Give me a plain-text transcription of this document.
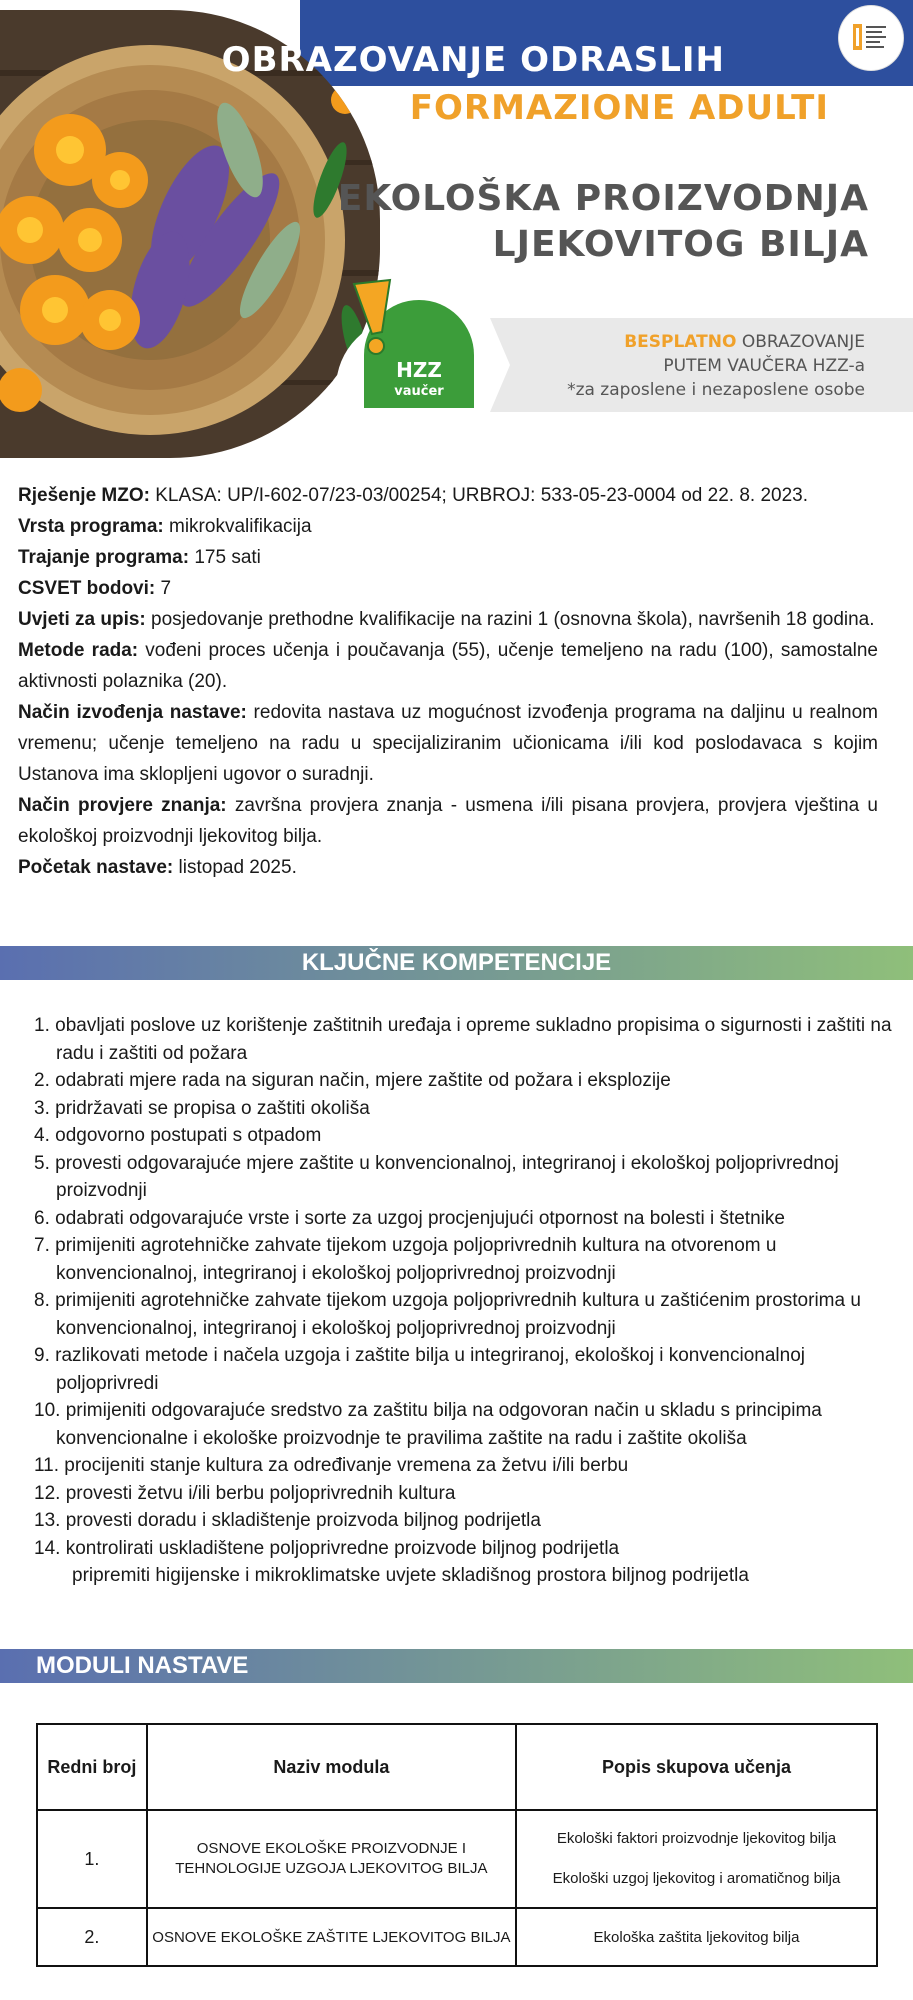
OBRAZOVANJE ODRASLIH
FORMAZIONE ADULTI
EKOLOŠKA PROIZVODNJA
LJEKOVITOG BILJA
BESPLATNO OBRAZOVANJE
PUTEM VAUČERA HZZ-a
*za zaposlene i nezaposlene osobe
HZZ
vaučer

Rješenje MZO: KLASA: UP/I-602-07/23-03/00254; URBROJ: 533-05-23-0004 od 22. 8. 2023.

Vrsta programa: mikrokvalifikacija

Trajanje programa: 175 sati

CSVET bodovi: 7

Uvjeti za upis: posjedovanje prethodne kvalifikacije na razini 1 (osnovna škola), navršenih 18 godina.

Metode rada: vođeni proces učenja i poučavanja (55), učenje temeljeno na radu (100), samostalne aktivnosti polaznika (20).

Način izvođenja nastave: redovita nastava uz mogućnost izvođenja programa na daljinu u realnom vremenu; učenje temeljeno na radu u specijaliziranim učionicama i/ili kod poslodavaca s kojim Ustanova ima sklopljeni ugovor o suradnji.

Način provjere znanja: završna provjera znanja - usmena i/ili pisana provjera, provjera vještina u ekološkoj proizvodnji ljekovitog bilja.

Početak nastave: listopad 2025.

KLJUČNE KOMPETENCIJE
1. obavljati poslove uz korištenje zaštitnih uređaja i opreme sukladno propisima o sigurnosti i zaštiti na radu i zaštiti od požara
2. odabrati mjere rada na siguran način, mjere zaštite od požara i eksplozije
3. pridržavati se propisa o zaštiti okoliša
4. odgovorno postupati s otpadom
5. provesti odgovarajuće mjere zaštite u konvencionalnoj, integriranoj i ekološkoj poljoprivrednoj proizvodnji
6. odabrati odgovarajuće vrste i sorte za uzgoj procjenjujući otpornost na bolesti i štetnike
7. primijeniti agrotehničke zahvate tijekom uzgoja poljoprivrednih kultura na otvorenom u konvencionalnoj, integriranoj i ekološkoj poljoprivrednoj proizvodnji
8. primijeniti agrotehničke zahvate tijekom uzgoja poljoprivrednih kultura u zaštićenim prostorima u konvencionalnoj, integriranoj i ekološkoj poljoprivrednoj proizvodnji
9. razlikovati metode i načela uzgoja i zaštite bilja u integriranoj, ekološkoj i konvencionalnoj poljoprivredi
10. primijeniti odgovarajuće sredstvo za zaštitu bilja na odgovoran način u skladu s principima konvencionalne i ekološke proizvodnje te pravilima zaštite na radu i zaštite okoliša
11. procijeniti stanje kultura za određivanje vremena za žetvu i/ili berbu
12. provesti žetvu i/ili berbu poljoprivrednih kultura
13. provesti doradu i skladištenje proizvoda biljnog podrijetla
14. kontrolirati uskladištene poljoprivredne proizvode biljnog podrijetla
pripremiti higijenske i mikroklimatske uvjete skladišnog prostora biljnog podrijetla
MODULI NASTAVE
Redni broj	Naziv modula	Popis skupova učenja
1.	OSNOVE EKOLOŠKE PROIZVODNJE I TEHNOLOGIJE UZGOJA LJEKOVITOG BILJA	Ekološki faktori proizvodnje ljekovitog bilja
Ekološki uzgoj ljekovitog i aromatičnog bilja

2.	OSNOVE EKOLOŠKE ZAŠTITE LJEKOVITOG BILJA	Ekološka zaštita ljekovitog bilja
